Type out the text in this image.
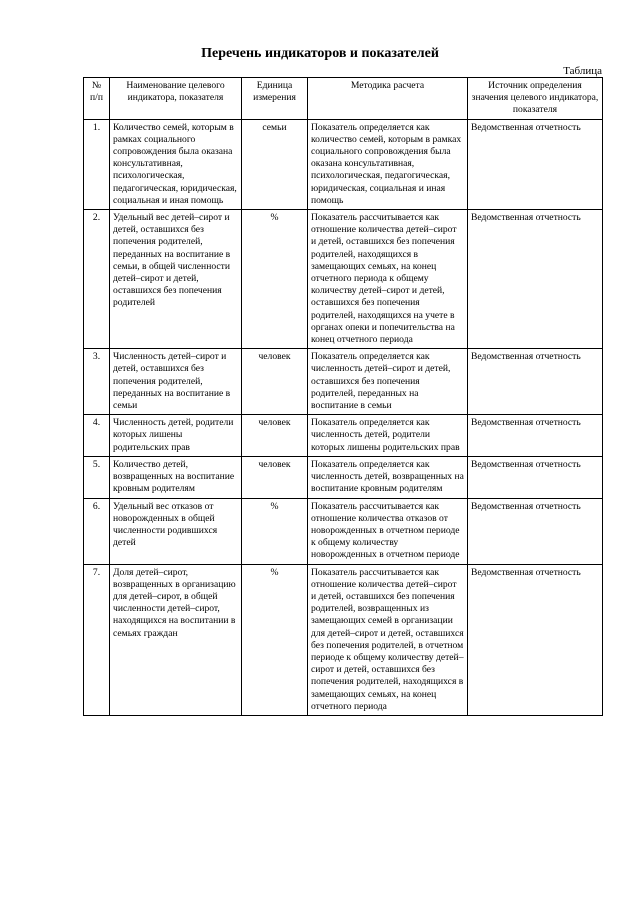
Перечень индикаторов и показателей
Таблица
№ п/п	Наименование целевого индикатора, показателя	Единица измерения	Методика расчета	Источник определения значения целевого индикатора, показателя
1.	Количество семей, которым в рамках социального сопровождения была оказана консультативная, психологическая, педагогическая, юридическая, социальная и иная помощь	семьи	Показатель определяется как количество семей, которым в рамках социального сопровождения была оказана консультативная, психологическая, педагогическая, юридическая, социальная и иная помощь	Ведомственная отчетность
2.	Удельный вес детей–сирот и детей, оставшихся без попечения родителей, переданных на воспитание в семьи, в общей численности детей–сирот и детей, оставшихся без попечения родителей	%	Показатель рассчитывается как отношение количества детей–сирот и детей, оставшихся без попечения родителей, находящихся в замещающих семьях, на конец отчетного периода к общему количеству детей–сирот и детей, оставшихся без попечения родителей, находящихся на учете в органах опеки и попечительства на конец отчетного периода	Ведомственная отчетность
3.	Численность детей–сирот и детей, оставшихся без попечения родителей, переданных на воспитание в семьи	человек	Показатель определяется как численность детей–сирот и детей, оставшихся без попечения родителей, переданных на воспитание в семьи	Ведомственная отчетность
4.	Численность детей, родители которых лишены родительских прав	человек	Показатель определяется как численность детей, родители которых лишены родительских прав	Ведомственная отчетность
5.	Количество детей, возвращенных на воспитание кровным родителям	человек	Показатель определяется как численность детей, возвращенных на воспитание кровным родителям	Ведомственная отчетность
6.	Удельный вес отказов от новорожденных в общей численности родившихся детей	%	Показатель рассчитывается как отношение количества отказов от новорожденных в отчетном периоде к общему количеству новорожденных в отчетном периоде	Ведомственная отчетность
7.	Доля детей–сирот, возвращенных в организацию для детей–сирот, в общей численности детей–сирот, находящихся на воспитании в семьях граждан	%	Показатель рассчитывается как отношение количества детей–сирот и детей, оставшихся без попечения родителей, возвращенных из замещающих семей в организации для детей–сирот и детей, оставшихся без попечения родителей, в отчетном периоде к общему количеству детей–сирот и детей, оставшихся без попечения родителей, находящихся в замещающих семьях, на конец отчетного периода	Ведомственная отчетность
